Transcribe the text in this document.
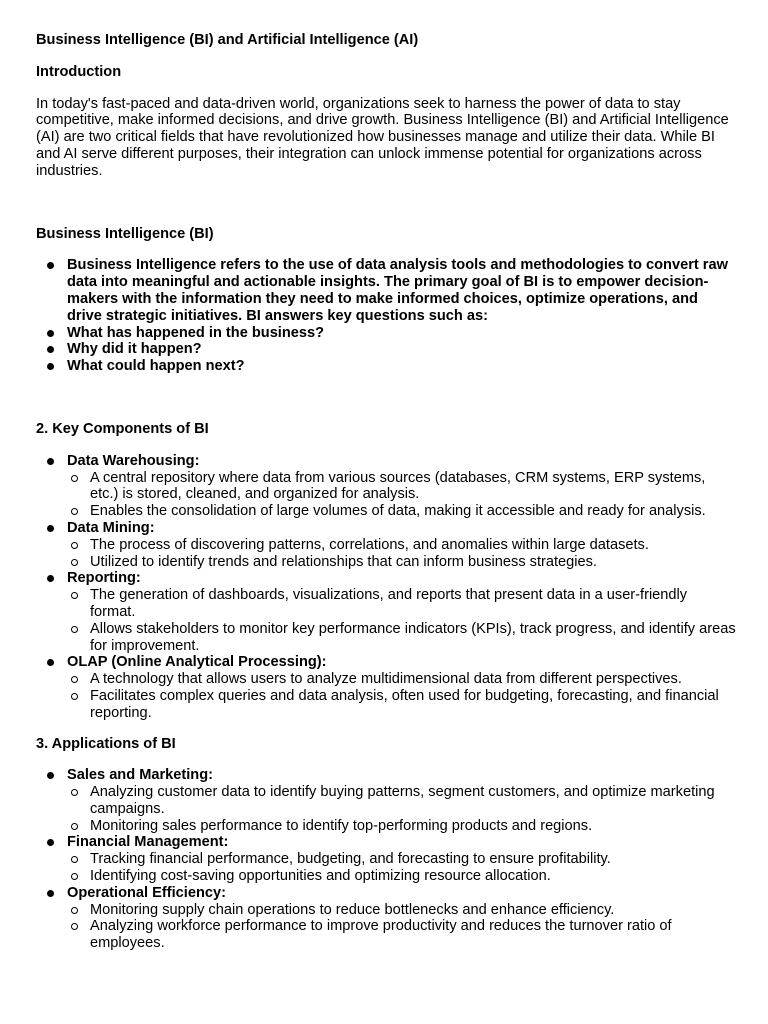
Business Intelligence (BI) and Artificial Intelligence (AI)

Introduction

In today's fast-paced and data-driven world, organizations seek to harness the power of data to stay competitive, make informed decisions, and drive growth. Business Intelligence (BI) and Artificial Intelligence (AI) are two critical fields that have revolutionized how businesses manage and utilize their data. While BI and AI serve different purposes, their integration can unlock immense potential for organizations across industries.

Business Intelligence (BI)

Business Intelligence refers to the use of data analysis tools and methodologies to convert raw data into meaningful and actionable insights. The primary goal of BI is to empower decision-makers with the information they need to make informed choices, optimize operations, and drive strategic initiatives. BI answers key questions such as:
What has happened in the business?
Why did it happen?
What could happen next?

2. Key Components of BI

Data Warehousing:
A central repository where data from various sources (databases, CRM systems, ERP systems, etc.) is stored, cleaned, and organized for analysis.
Enables the consolidation of large volumes of data, making it accessible and ready for analysis.
Data Mining:
The process of discovering patterns, correlations, and anomalies within large datasets.
Utilized to identify trends and relationships that can inform business strategies.
Reporting:
The generation of dashboards, visualizations, and reports that present data in a user-friendly format.
Allows stakeholders to monitor key performance indicators (KPIs), track progress, and identify areas for improvement.
OLAP (Online Analytical Processing):
A technology that allows users to analyze multidimensional data from different perspectives.
Facilitates complex queries and data analysis, often used for budgeting, forecasting, and financial reporting.

3. Applications of BI

Sales and Marketing:
Analyzing customer data to identify buying patterns, segment customers, and optimize marketing campaigns.
Monitoring sales performance to identify top-performing products and regions.
Financial Management:
Tracking financial performance, budgeting, and forecasting to ensure profitability.
Identifying cost-saving opportunities and optimizing resource allocation.
Operational Efficiency:
Monitoring supply chain operations to reduce bottlenecks and enhance efficiency.
Analyzing workforce performance to improve productivity and reduces the turnover ratio of employees.
